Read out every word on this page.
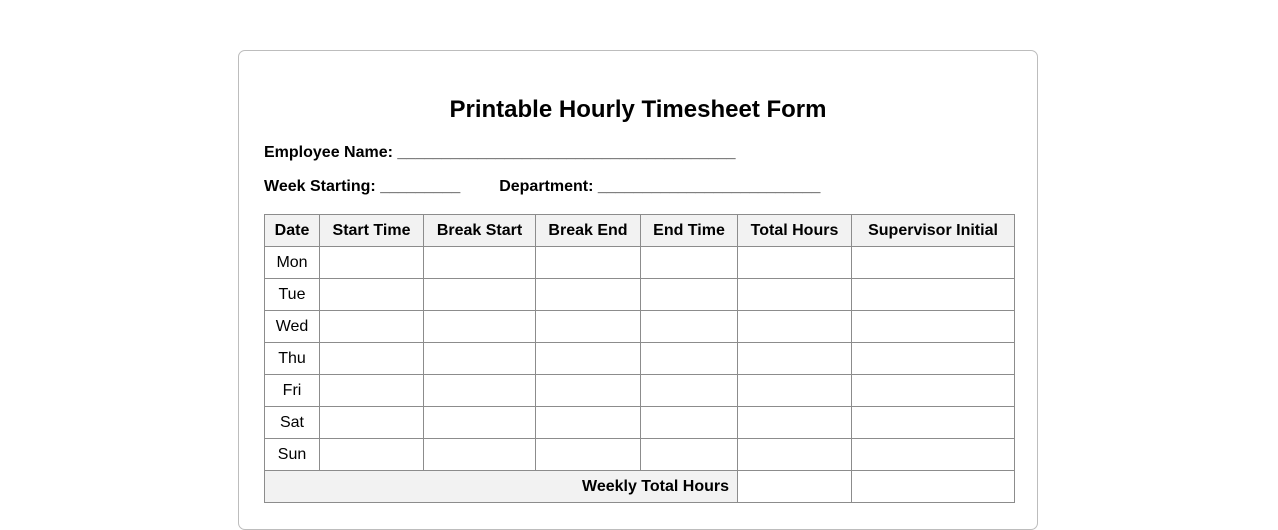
Printable Hourly Timesheet Form
Employee Name: ______________________________________
Week Starting: _________ Department: _________________________
Date	Start Time	Break Start	Break End	End Time	Total Hours	Supervisor Initial
Mon						
Tue						
Wed						
Thu						
Fri						
Sat						
Sun						
Weekly Total Hours						
